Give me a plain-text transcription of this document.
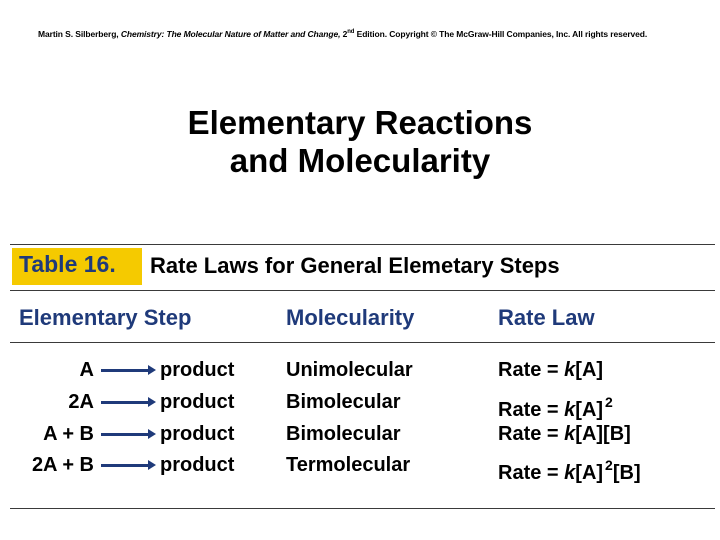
Martin S. Silberberg, Chemistry: The Molecular Nature of Matter and Change, 2nd Edition. Copyright © The McGraw-Hill Companies, Inc. All rights reserved.
Elementary Reactions
and Molecularity
Table 16. Rate Laws for General Elemetary Steps
Elementary Step	Molecularity	Rate Law
A → product	Unimolecular	Rate = k[A]
2A → product	Bimolecular	Rate = k[A] $^2$
A + B → product	Bimolecular	Rate = k[A][B]
2A + B → product	Termolecular	Rate = k[A] $^2$[B]
